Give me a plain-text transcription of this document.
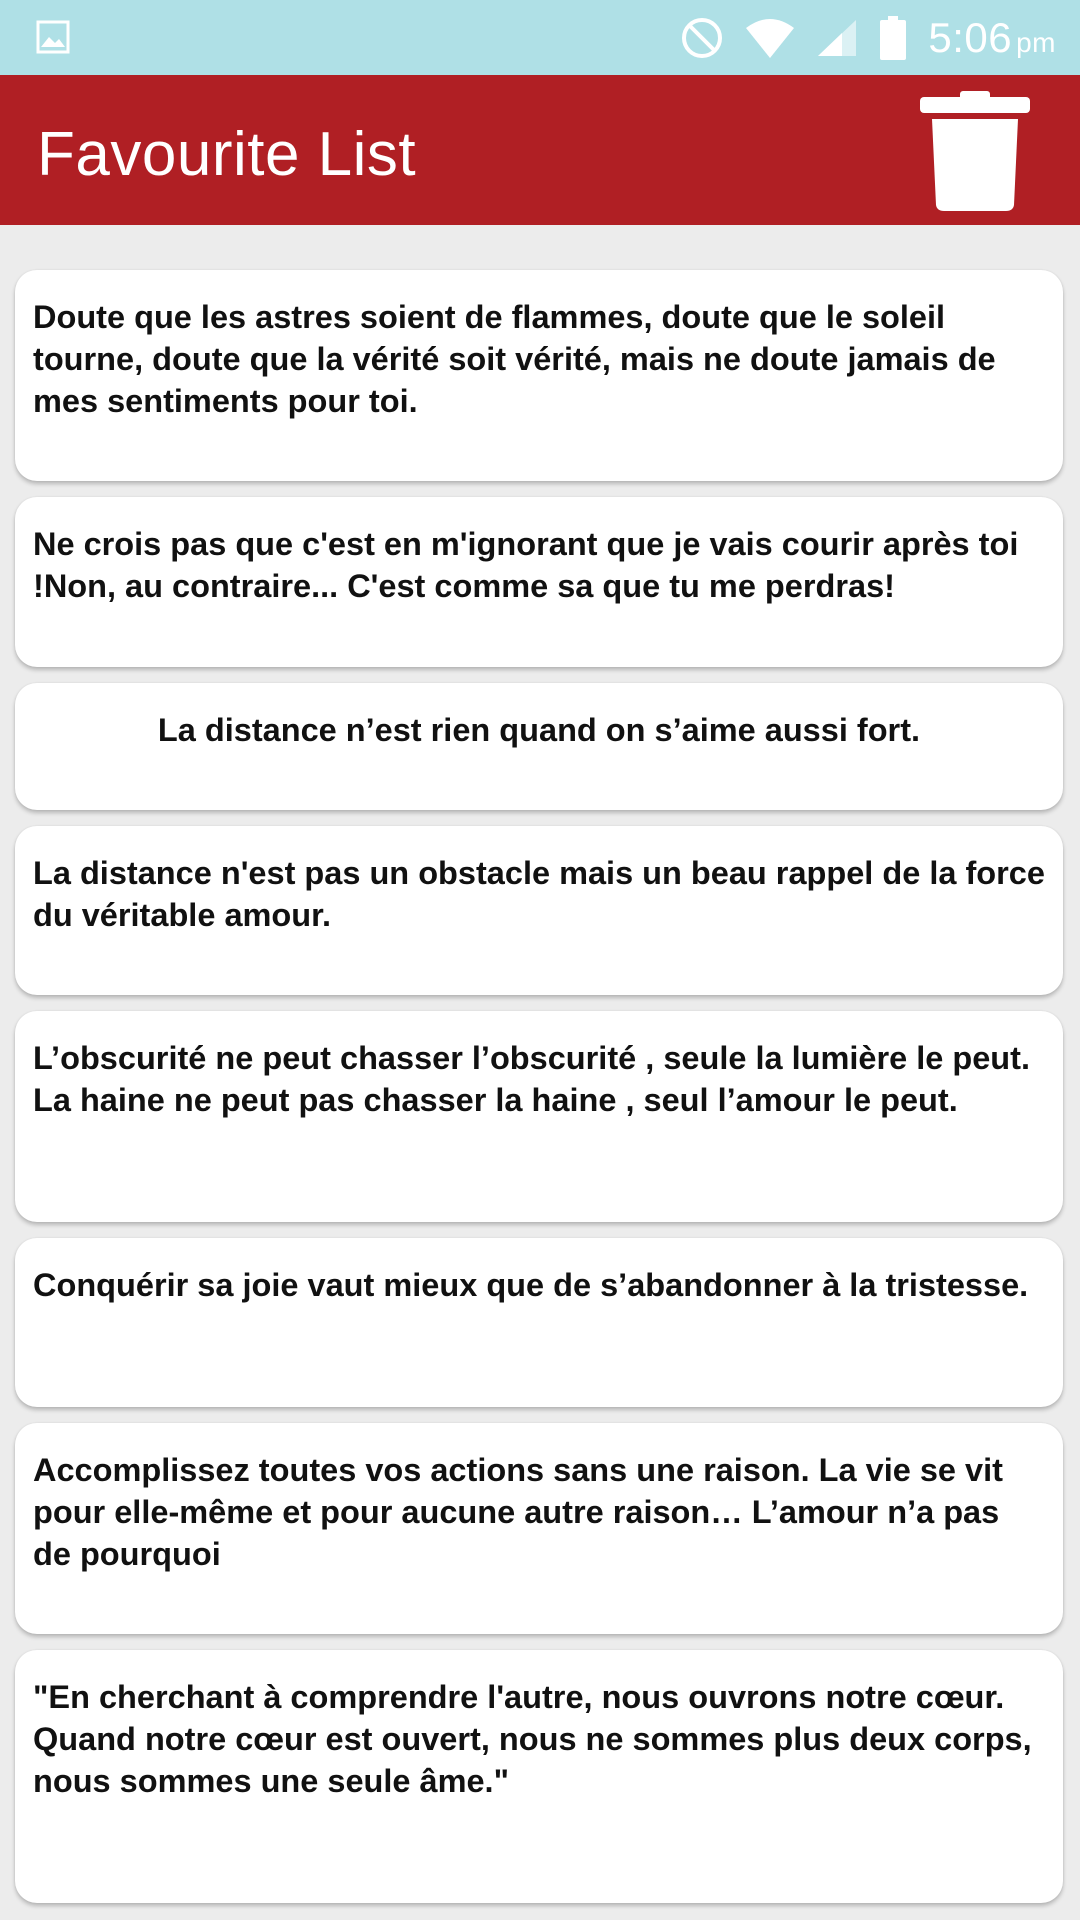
5:06 pm
Favourite List

Doute que les astres soient de flammes, doute que le soleil tourne, doute que la vérité soit vérité, mais ne doute jamais de mes sentiments pour toi.

Ne crois pas que c'est en m'ignorant que je vais courir après toi !Non, au contraire... C'est comme sa que tu me perdras!

La distance n’est rien quand on s’aime aussi fort.

La distance n'est pas un obstacle mais un beau rappel de la force du véritable amour.

L’obscurité ne peut chasser l’obscurité , seule la lumière le peut. La haine ne peut pas chasser la haine , seul l’amour le peut.

Conquérir sa joie vaut mieux que de s’abandonner à la tristesse.

Accomplissez toutes vos actions sans une raison. La vie se vit pour elle-même et pour aucune autre raison… L’amour n’a pas de pourquoi

"En cherchant à comprendre l'autre, nous ouvrons notre cœur. Quand notre cœur est ouvert, nous ne sommes plus deux corps,
nous sommes une seule âme."
